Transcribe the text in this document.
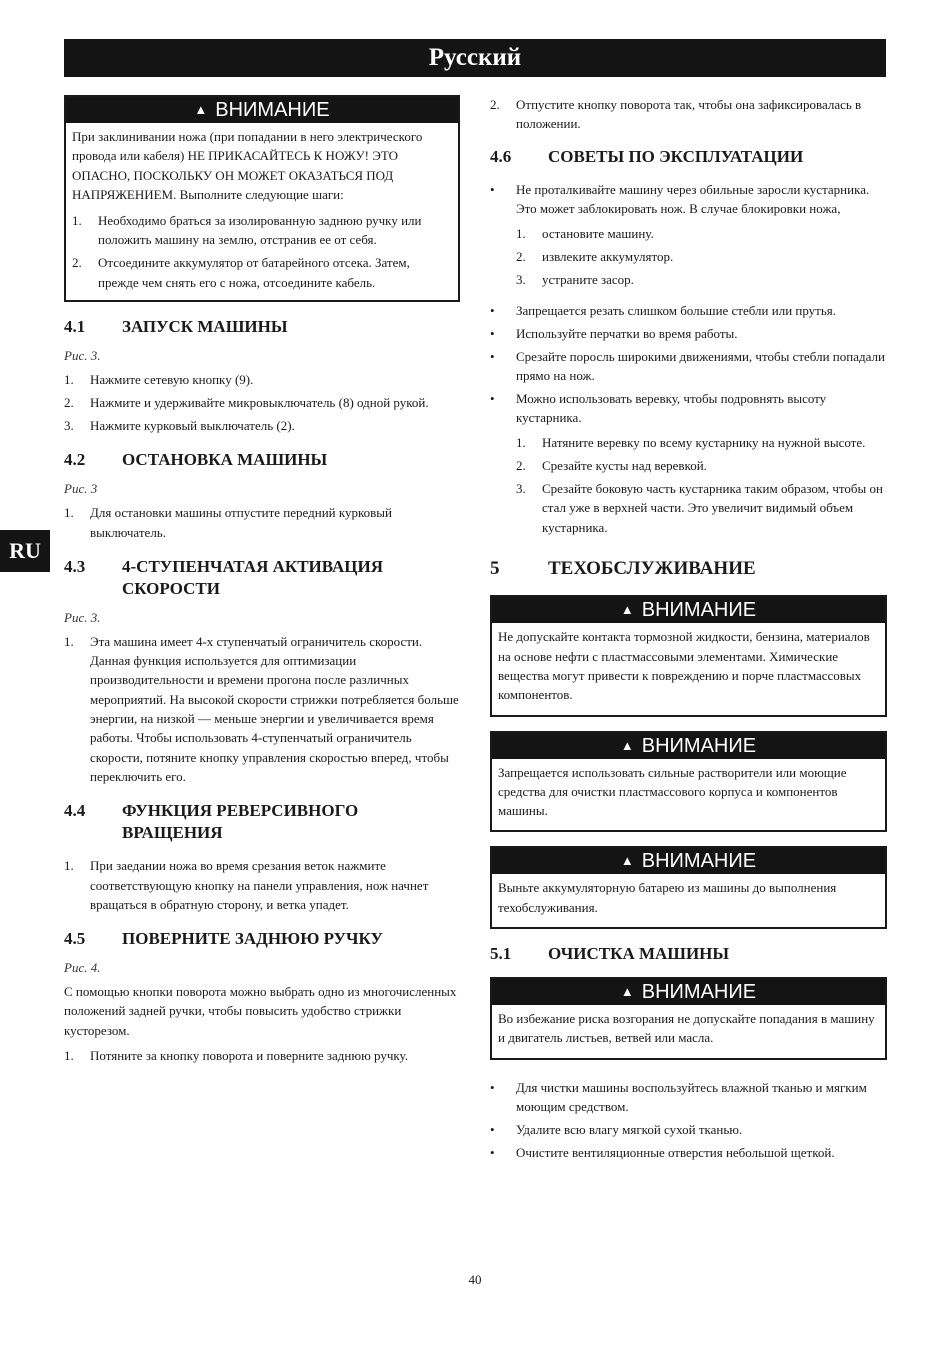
Русский
RU
▲ ВНИМАНИЕ

При заклинивании ножа (при попадании в него электрического провода или кабеля) НЕ ПРИКАСАЙТЕСЬ К НОЖУ! ЭТО ОПАСНО, ПОСКОЛЬКУ ОН МОЖЕТ ОКАЗАТЬСЯ ПОД НАПРЯЖЕНИЕМ. Выполните следующие шаги:

1.	Необходимо браться за изолированную заднюю ручку или положить машину на землю, отстранив ее от себя.
2.	Отсоедините аккумулятор от батарейного отсека. Затем, прежде чем снять его с ножа, отсоедините кабель.
4.1	ЗАПУСК МАШИНЫ
Рис. 3.
1.	Нажмите сетевую кнопку (9).
2.	Нажмите и удерживайте микровыключатель (8) одной рукой.
3.	Нажмите курковый выключатель (2).
4.2	ОСТАНОВКА МАШИНЫ
Рис. 3
1.	Для остановки машины отпустите передний курковый выключатель.
4.3	4-СТУПЕНЧАТАЯ АКТИВАЦИЯ СКОРОСТИ
Рис. 3.
1.	Эта машина имеет 4-х ступенчатый ограничитель скорости. Данная функция используется для оптимизации производительности и времени прогона после различных мероприятий. На высокой скорости стрижки потребляется больше энергии, на низкой — меньше энергии и увеличивается время работы. Чтобы использовать 4-ступенчатый ограничитель скорости, потяните кнопку управления скоростью вперед, чтобы переключить его.
4.4	ФУНКЦИЯ РЕВЕРСИВНОГО ВРАЩЕНИЯ
1.	При заедании ножа во время срезания веток нажмите соответствующую кнопку на панели управления, нож начнет вращаться в обратную сторону, и ветка упадет.
4.5	ПОВЕРНИТЕ ЗАДНЮЮ РУЧКУ
Рис. 4.

С помощью кнопки поворота можно выбрать одно из многочисленных положений задней ручки, чтобы повысить удобство стрижки кусторезом.

1.	Потяните за кнопку поворота и поверните заднюю ручку.
2.	Отпустите кнопку поворота так, чтобы она зафиксировалась в положении.
4.6	СОВЕТЫ ПО ЭКСПЛУАТАЦИИ
•	Не проталкивайте машину через обильные заросли кустарника. Это может заблокировать нож. В случае блокировки ножа,
1.	остановите машину.
2.	извлеките аккумулятор.
3.	устраните засор.
•	Запрещается резать слишком большие стебли или прутья.
•	Используйте перчатки во время работы.
•	Срезайте поросль широкими движениями, чтобы стебли попадали прямо на нож.
•	Можно использовать веревку, чтобы подровнять высоту кустарника.
1.	Натяните веревку по всему кустарнику на нужной высоте.
2.	Срезайте кусты над веревкой.
3.	Срезайте боковую часть кустарника таким образом, чтобы он стал уже в верхней части. Это увеличит видимый объем кустарника.
5	ТЕХОБСЛУЖИВАНИЕ
▲ ВНИМАНИЕ

Не допускайте контакта тормозной жидкости, бензина, материалов на основе нефти с пластмассовыми элементами. Химические вещества могут привести к повреждению и порче пластмассовых компонентов.

▲ ВНИМАНИЕ

Запрещается использовать сильные растворители или моющие средства для очистки пластмассового корпуса и компонентов машины.

▲ ВНИМАНИЕ

Выньте аккумуляторную батарею из машины до выполнения техобслуживания.

5.1	ОЧИСТКА МАШИНЫ
▲ ВНИМАНИЕ

Во избежание риска возгорания не допускайте попадания в машину и двигатель листьев, ветвей или масла.

•	Для чистки машины воспользуйтесь влажной тканью и мягким моющим средством.
•	Удалите всю влагу мягкой сухой тканью.
•	Очистите вентиляционные отверстия небольшой щеткой.
40
